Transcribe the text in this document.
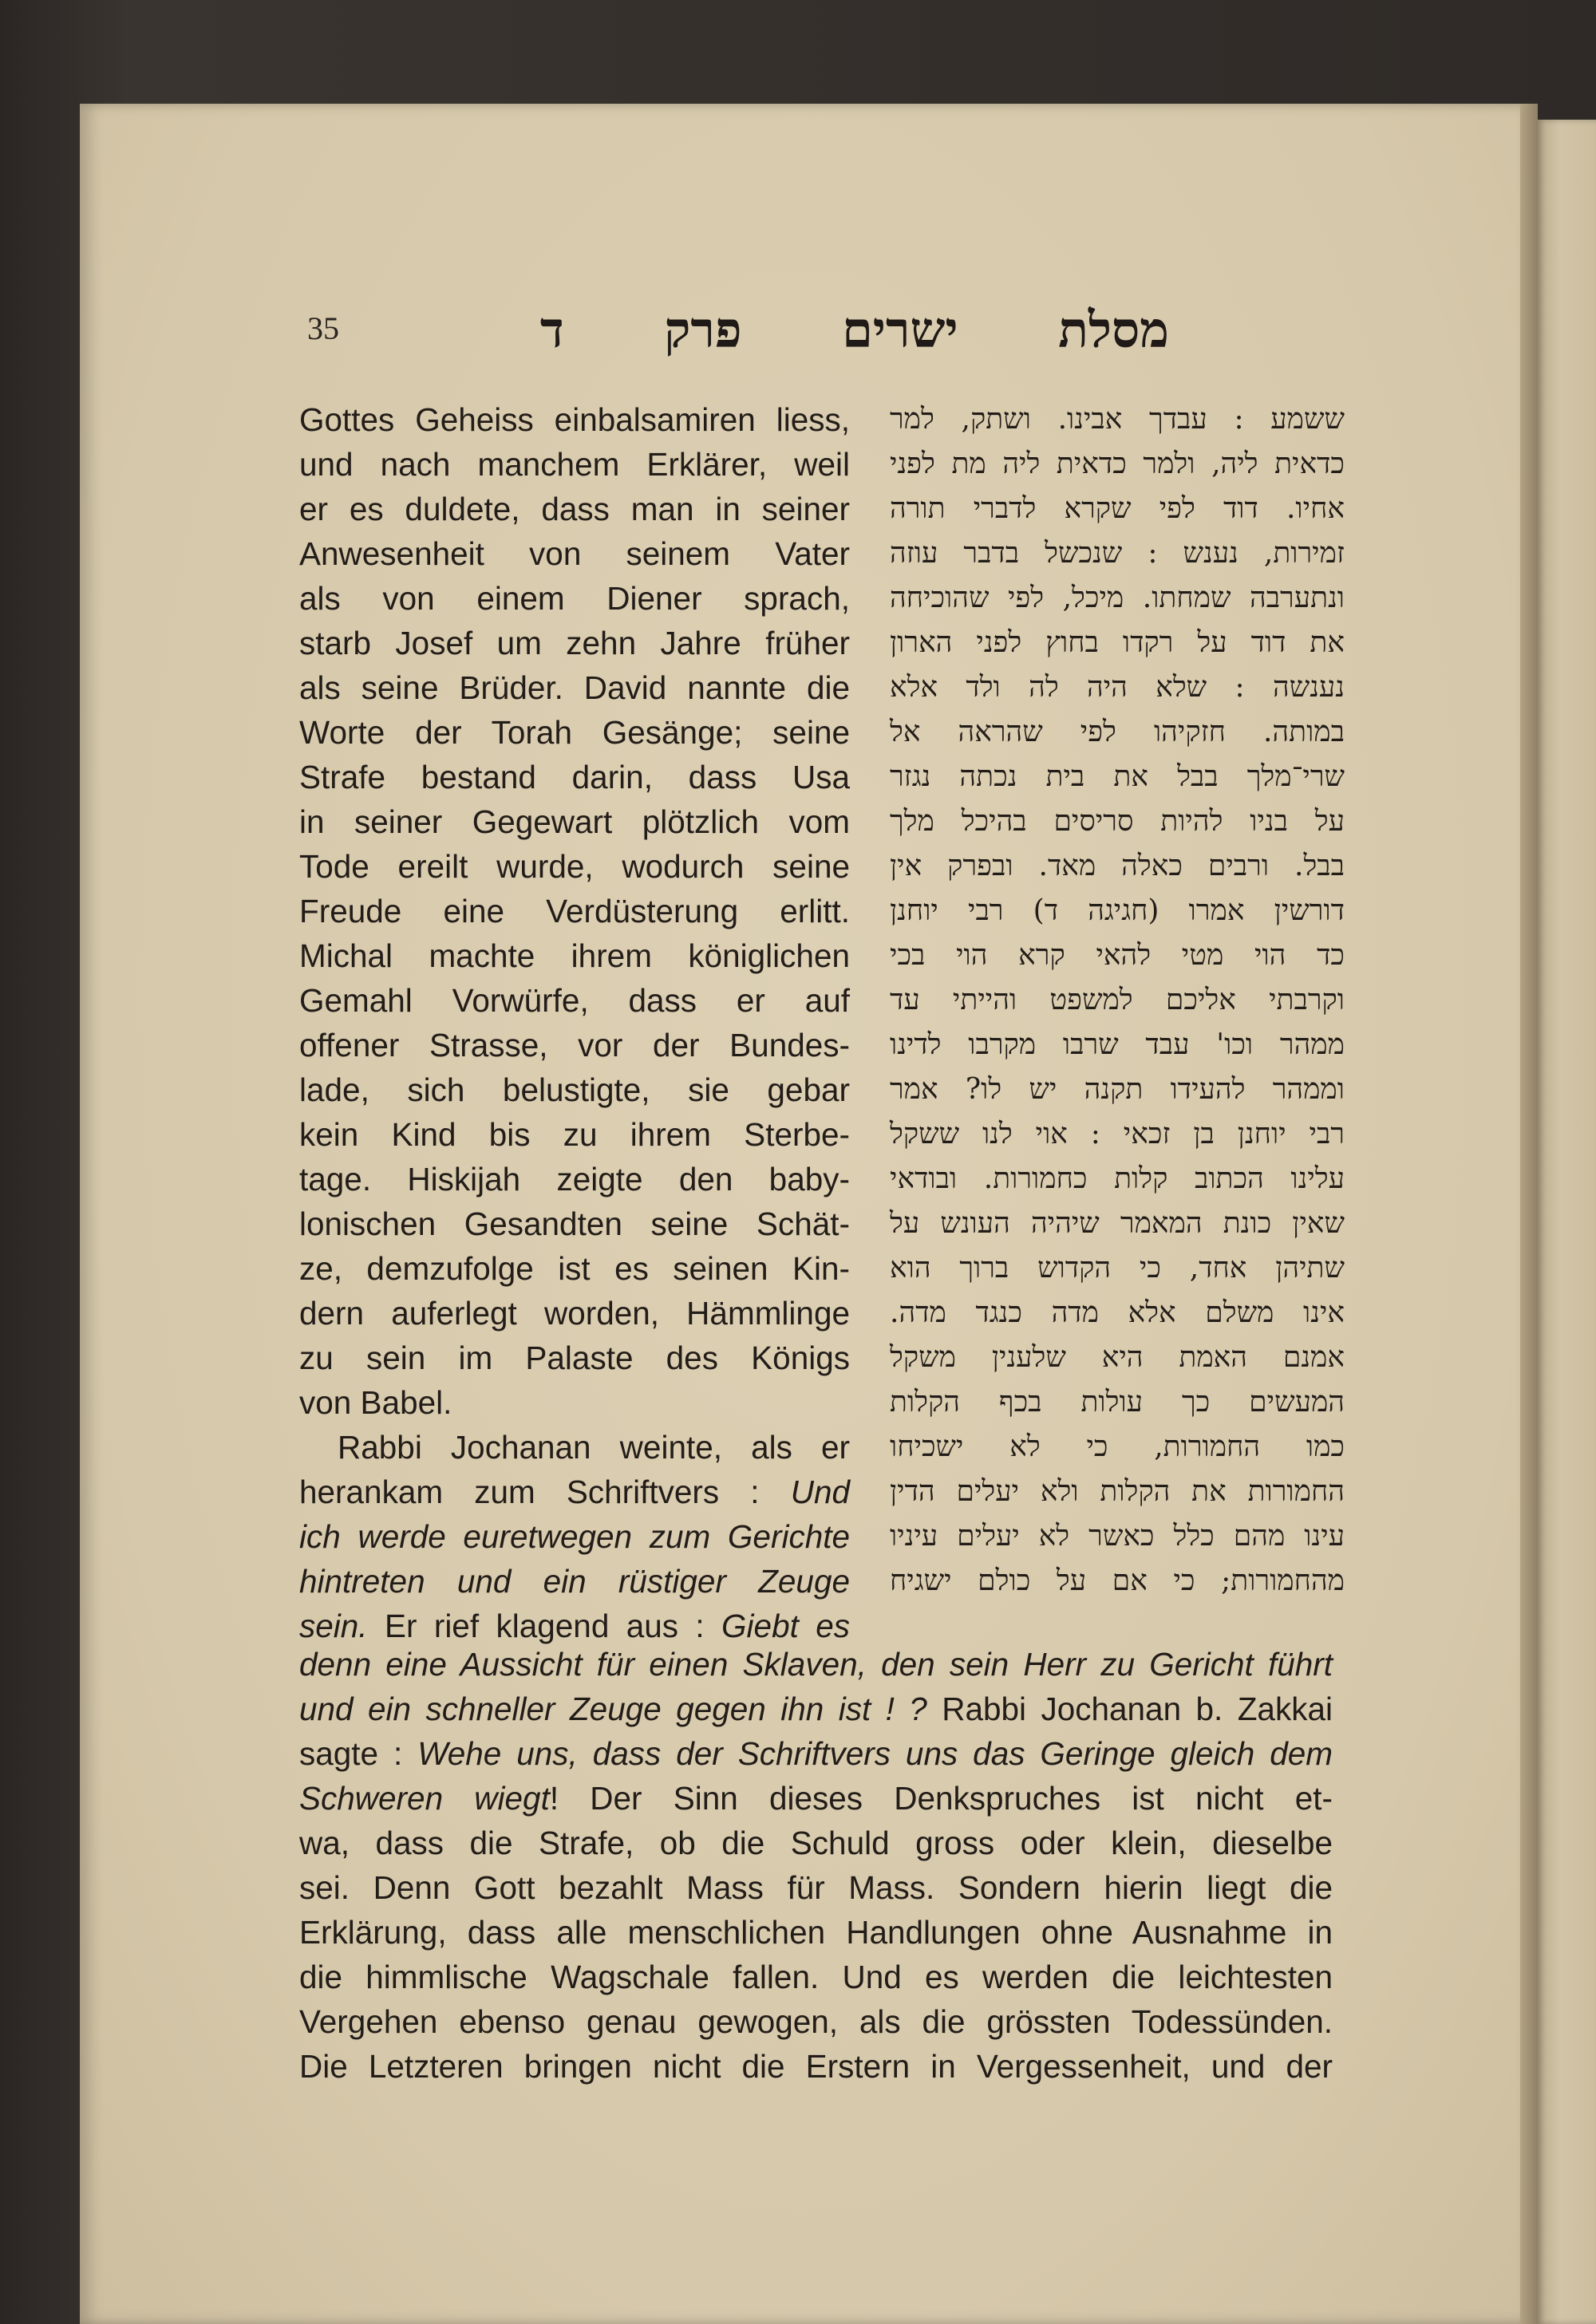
35	מסלת ישרים פרק ד
Gottes Geheiss einbalsamiren liess,
und nach manchem Erklärer, weil
er es duldete, dass man in seiner
Anwesenheit von seinem Vater
als von einem Diener sprach,
starb Josef um zehn Jahre früher
als seine Brüder. David nannte die
Worte der Torah Gesänge; seine
Strafe bestand darin, dass Usa
in seiner Gegewart plötzlich vom
Tode ereilt wurde, wodurch seine
Freude eine Verdüsterung erlitt.
Michal machte ihrem königlichen
Gemahl Vorwürfe, dass er auf
offener Strasse, vor der Bundes-
lade, sich belustigte, sie gebar
kein Kind bis zu ihrem Sterbe-
tage. Hiskijah zeigte den baby-
lonischen Gesandten seine Schät-
ze, demzufolge ist es seinen Kin-
dern auferlegt worden, Hämmlinge
zu sein im Palaste des Königs
von Babel.
Rabbi Jochanan weinte, als er
herankam zum Schriftvers : Und
ich werde euretwegen zum Gerichte
hintreten und ein rüstiger Zeuge
sein. Er rief klagend aus : Giebt es
ששמע : עבדך אבינו. ושתק, למר
כדאית ליה, ולמר כדאית ליה מת לפני
אחיו. דוד לפי שקרא לדברי תורה
זמירות, נענש : שנכשל בדבר עוזה
ונתערבה שמחתו. מיכל, לפי שהוכיחה
את דוד על רקדו בחוץ לפני הארון
נענשה : שלא היה לה ולד אלא
במותה. חזקיהו לפי שהראה אל
שרי־מלך בבל את בית נכתה נגזר
על בניו להיות סריסים בהיכל מלך
בבל. ורבים כאלה מאד. ובפרק אין
דורשין אמרו (חגיגה ד) רבי יוחנן
כד הוי מטי להאי קרא הוי בכי
וקרבתי אליכם למשפט והייתי עד
ממהר וכו' עבד שרבו מקרבו לדינו
וממהר להעידו תקנה יש לו? אמר
רבי יוחנן בן זכאי : אוי לנו ששקל
עלינו הכתוב קלות כחמורות. ובודאי
שאין כונת המאמר שיהיה העונש על
שתיהן אחד, כי הקדוש ברוך הוא
אינו משלם אלא מדה כנגד מדה.
אמנם האמת היא שלענין משקל
המעשים כך עולות בכף הקלות
כמו החמורות, כי לא ישכיחו
החמורות את הקלות ולא יעלים הדין
עינו מהם כלל כאשר לא יעלים עיניו
מהחמורות; כי אם על כולם ישגיח
denn eine Aussicht für einen Sklaven, den sein Herr zu Gericht führt
und ein schneller Zeuge gegen ihn ist ! ? Rabbi Jochanan b. Zakkai
sagte : Wehe uns, dass der Schriftvers uns das Geringe gleich dem
Schweren wiegt! Der Sinn dieses Denkspruches ist nicht et-
wa, dass die Strafe, ob die Schuld gross oder klein, dieselbe
sei. Denn Gott bezahlt Mass für Mass. Sondern hierin liegt die
Erklärung, dass alle menschlichen Handlungen ohne Ausnahme in
die himmlische Wagschale fallen. Und es werden die leichtesten
Vergehen ebenso genau gewogen, als die grössten Todessünden.
Die Letzteren bringen nicht die Erstern in Vergessenheit, und der
